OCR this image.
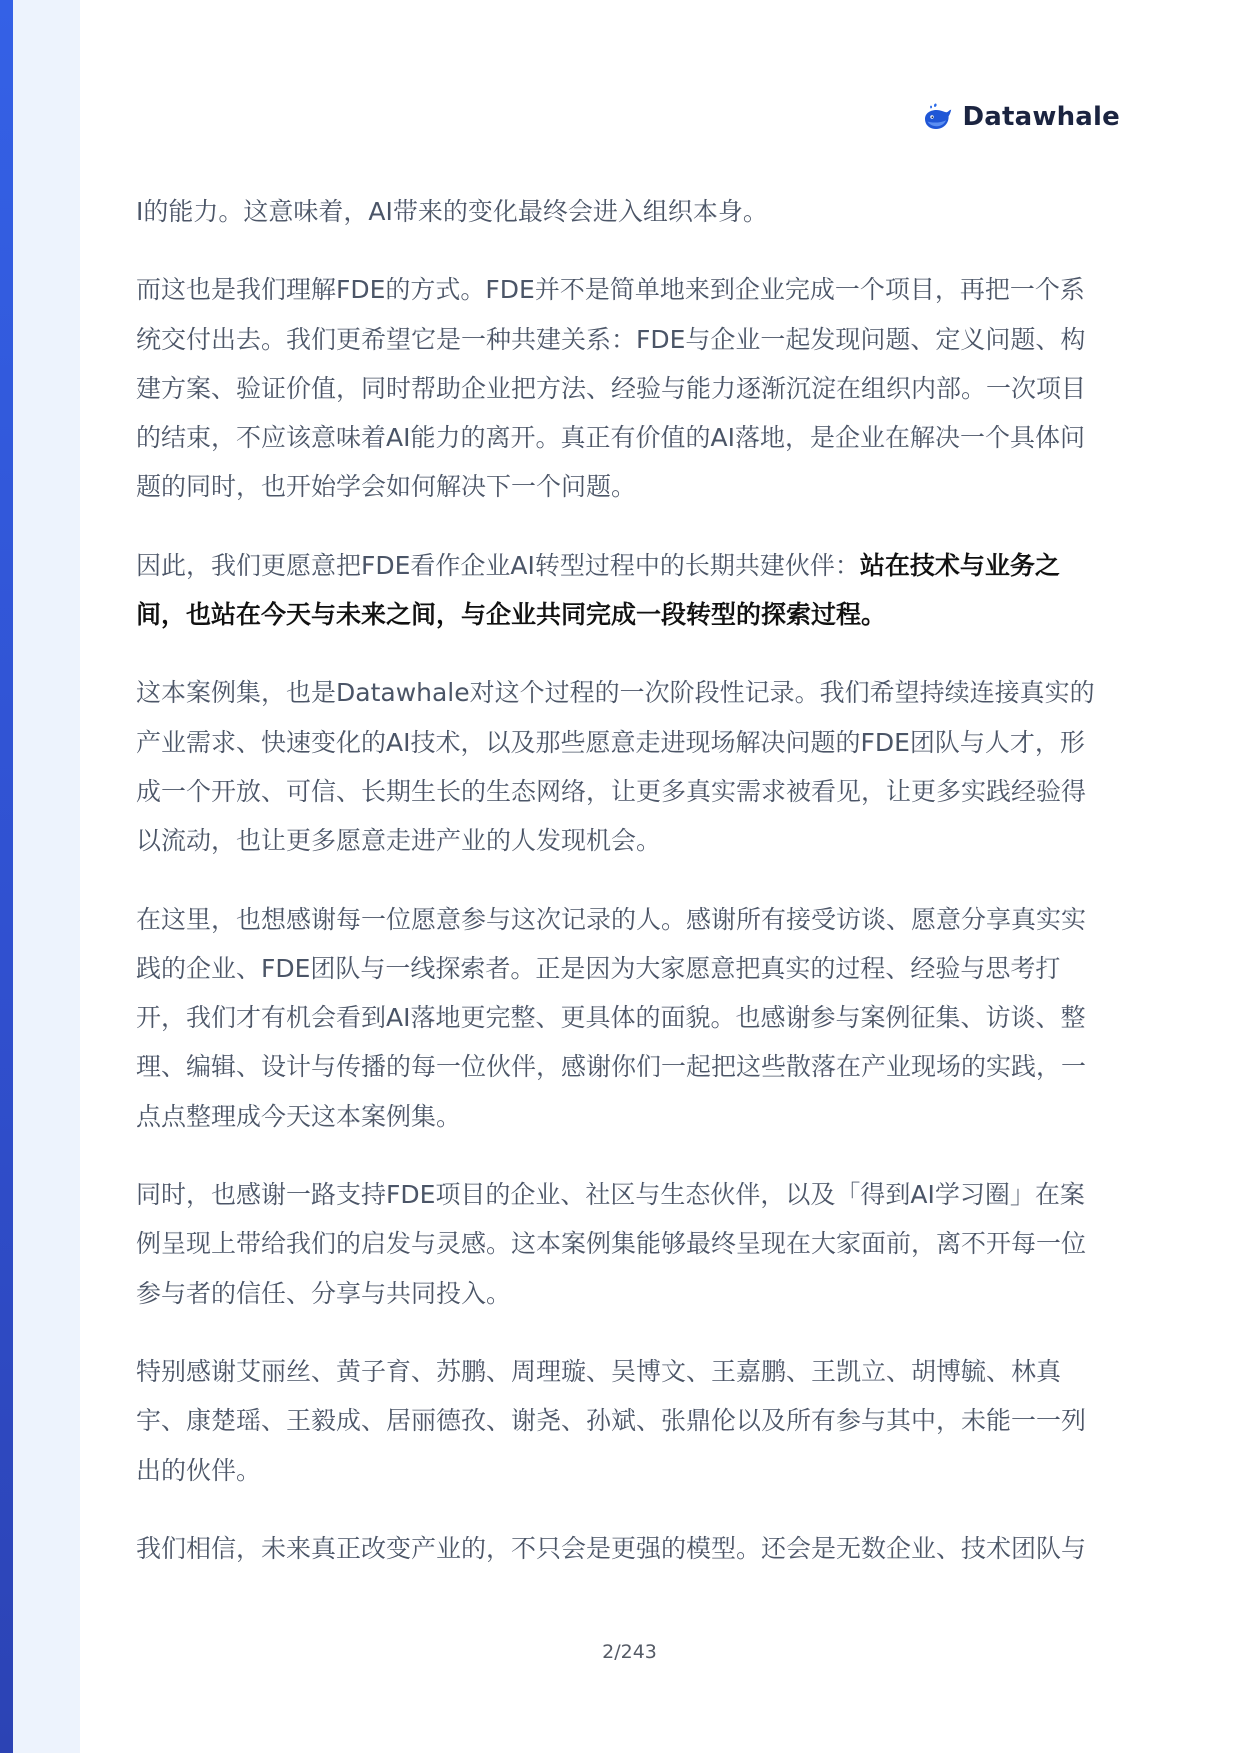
Datawhale

I的能力。这意味着，AI带来的变化最终会进入组织本身。

而这也是我们理解FDE的方式。FDE并不是简单地来到企业完成一个项目，再把一个系
统交付出去。我们更希望它是一种共建关系：FDE与企业一起发现问题、定义问题、构
建方案、验证价值，同时帮助企业把方法、经验与能力逐渐沉淀在组织内部。一次项目
的结束，不应该意味着AI能力的离开。真正有价值的AI落地，是企业在解决一个具体问
题的同时，也开始学会如何解决下一个问题。

因此，我们更愿意把FDE看作企业AI转型过程中的长期共建伙伴：站在技术与业务之
间，也站在今天与未来之间，与企业共同完成一段转型的探索过程。

这本案例集，也是Datawhale对这个过程的一次阶段性记录。我们希望持续连接真实的
产业需求、快速变化的AI技术，以及那些愿意走进现场解决问题的FDE团队与人才，形
成一个开放、可信、长期生长的生态网络，让更多真实需求被看见，让更多实践经验得
以流动，也让更多愿意走进产业的人发现机会。

在这里，也想感谢每一位愿意参与这次记录的人。感谢所有接受访谈、愿意分享真实实
践的企业、FDE团队与一线探索者。正是因为大家愿意把真实的过程、经验与思考打
开，我们才有机会看到AI落地更完整、更具体的面貌。也感谢参与案例征集、访谈、整
理、编辑、设计与传播的每一位伙伴，感谢你们一起把这些散落在产业现场的实践，一
点点整理成今天这本案例集。

同时，也感谢一路支持FDE项目的企业、社区与生态伙伴，以及「得到AI学习圈」在案
例呈现上带给我们的启发与灵感。这本案例集能够最终呈现在大家面前，离不开每一位
参与者的信任、分享与共同投入。

特别感谢艾丽丝、黄子育、苏鹏、周理璇、吴博文、王嘉鹏、王凯立、胡博毓、林真
宇、康楚瑶、王毅成、居丽德孜、谢尧、孙斌、张鼎伦以及所有参与其中，未能一一列
出的伙伴。

我们相信，未来真正改变产业的，不只会是更强的模型。还会是无数企业、技术团队与

2/243
